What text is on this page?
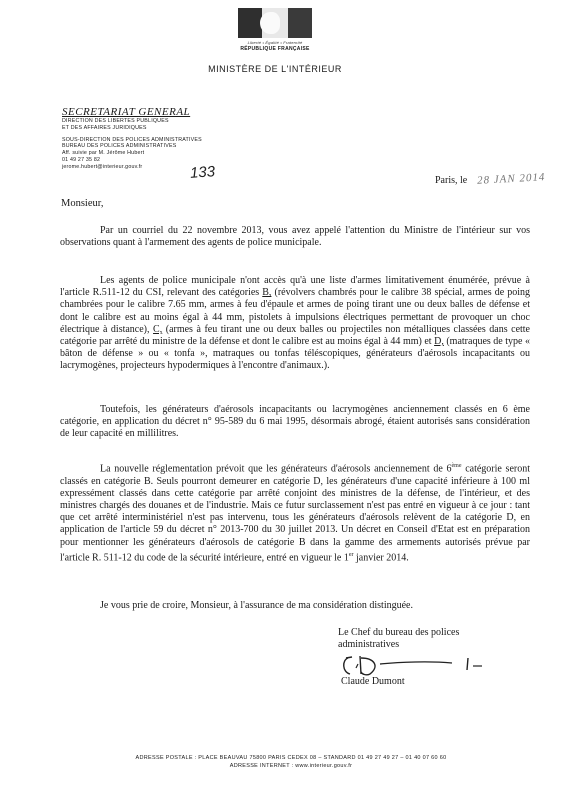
Liberté • Égalité • Fraternité
RÉPUBLIQUE FRANÇAISE
MINISTÈRE DE L'INTÉRIEUR
SECRETARIAT GENERAL
DIRECTION DES LIBERTES PUBLIQUES
ET DES AFFAIRES JURIDIQUES
SOUS-DIRECTION DES POLICES ADMINISTRATIVES
BUREAU DES POLICES ADMINISTRATIVES
Aff. suivie par M. Jérôme Hubert
01 49 27 35 82
jerome.hubert@interieur.gouv.fr	133	Paris, le 28 JAN 2014
Monsieur,
Par un courriel du 22 novembre 2013, vous avez appelé l'attention du Ministre de l'intérieur sur vos observations quant à l'armement des agents de police municipale.
Les agents de police municipale n'ont accès qu'à une liste d'armes limitativement énumérée, prévue à l'article R.511-12 du CSI, relevant des catégories B, (révolvers chambrés pour le calibre 38 spécial, armes de poing chambrées pour le calibre 7.65 mm, armes à feu d'épaule et armes de poing tirant une ou deux balles de défense et dont le calibre est au moins égal à 44 mm, pistolets à impulsions électriques permettant de provoquer un choc électrique à distance), C, (armes à feu tirant une ou deux balles ou projectiles non métalliques classées dans cette catégorie par arrêté du ministre de la défense et dont le calibre est au moins égal à 44 mm) et D, (matraques de type « bâton de défense » ou « tonfa », matraques ou tonfas téléscopiques, générateurs d'aérosols incapacitants ou lacrymogènes, projecteurs hypodermiques à l'encontre d'animaux.).
Toutefois, les générateurs d'aérosols incapacitants ou lacrymogènes anciennement classés en 6 ème catégorie, en application du décret n° 95-589 du 6 mai 1995, désormais abrogé, étaient autorisés sans considération de leur capacité en millilitres.
La nouvelle réglementation prévoit que les générateurs d'aérosols anciennement de 6ème catégorie seront classés en catégorie B. Seuls pourront demeurer en catégorie D, les générateurs d'une capacité inférieure à 100 ml expressément classés dans cette catégorie par arrêté conjoint des ministres de la défense, de l'intérieur, et des ministres chargés des douanes et de l'industrie. Mais ce futur surclassement n'est pas entré en vigueur à ce jour : tant que cet arrêté interministériel n'est pas intervenu, tous les générateurs d'aérosols relèvent de la catégorie D, en application de l'article 59 du décret n° 2013-700 du 30 juillet 2013. Un décret en Conseil d'Etat est en préparation pour mentionner les générateurs d'aérosols de catégorie B dans la gamme des armements autorisés prévue par l'article R. 511-12 du code de la sécurité intérieure, entré en vigueur le 1er janvier 2014.
Je vous prie de croire, Monsieur, à l'assurance de ma considération distinguée.
Le Chef du bureau des polices
administratives
Claude Dumont
ADRESSE POSTALE : PLACE BEAUVAU 75800 PARIS CEDEX 08 – STANDARD 01 49 27 49 27 – 01 40 07 60 60
ADRESSE INTERNET : www.interieur.gouv.fr
